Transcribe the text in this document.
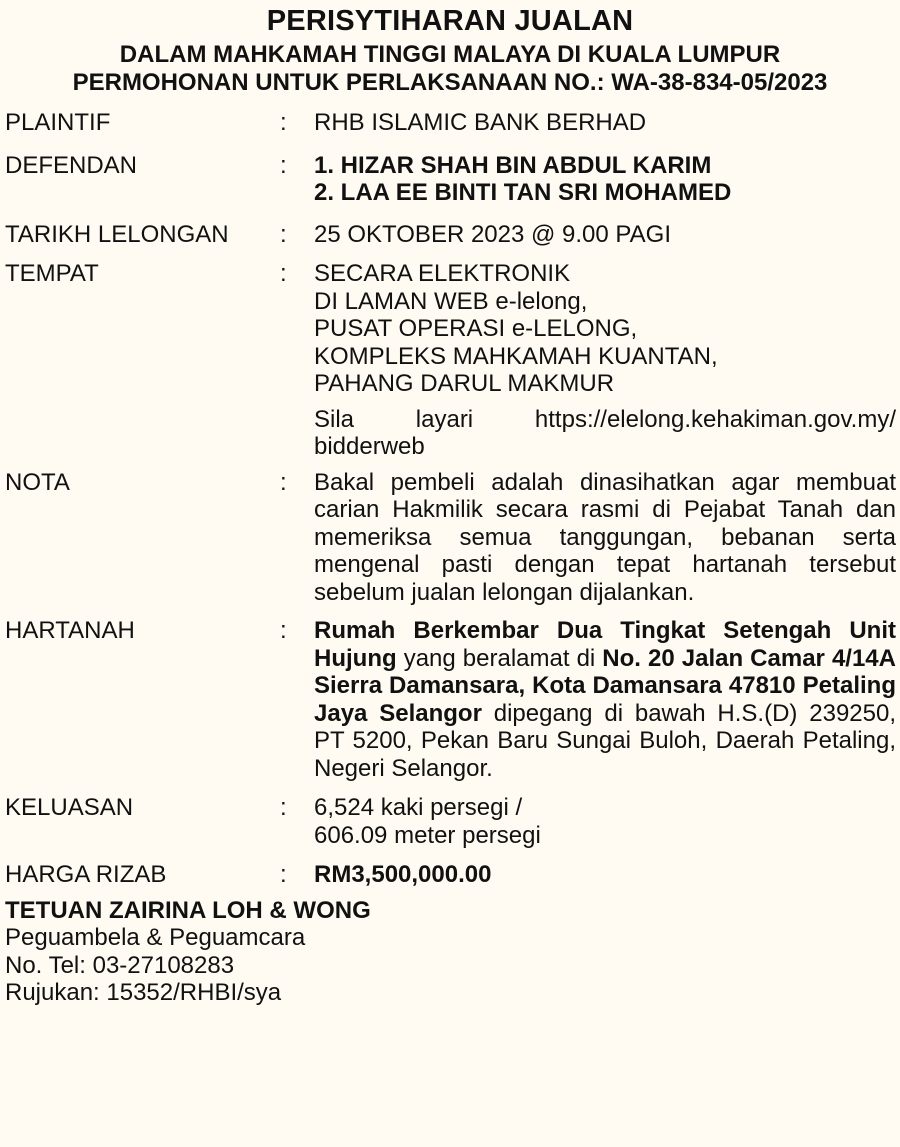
PERISYTIHARAN JUALAN
DALAM MAHKAMAH TINGGI MALAYA DI KUALA LUMPUR
PERMOHONAN UNTUK PERLAKSANAAN NO.: WA-38-834-05/2023
PLAINTIF	:	RHB ISLAMIC BANK BERHAD
DEFENDAN	:	1. HIZAR SHAH BIN ABDUL KARIM
2. LAA EE BINTI TAN SRI MOHAMED
TARIKH LELONGAN	:	25 OKTOBER 2023 @ 9.00 PAGI
TEMPAT	:	SECARA ELEKTRONIK
DI LAMAN WEB e-lelong,
PUSAT OPERASI e-LELONG,
KOMPLEKS MAHKAMAH KUANTAN,
PAHANG DARUL MAKMUR
Sila layari https://elelong.kehakiman.gov.my/ bidderweb
NOTA	:	Bakal pembeli adalah dinasihatkan agar membuat carian Hakmilik secara rasmi di Pejabat Tanah dan memeriksa semua tanggungan, bebanan serta mengenal pasti dengan tepat hartanah tersebut sebelum jualan lelongan dijalankan.
HARTANAH	:	Rumah Berkembar Dua Tingkat Setengah Unit Hujung yang beralamat di No. 20 Jalan Camar 4/14A Sierra Damansara, Kota Damansara 47810 Petaling Jaya Selangor dipegang di bawah H.S.(D) 239250, PT 5200, Pekan Baru Sungai Buloh, Daerah Petaling, Negeri Selangor.
KELUASAN	:	6,524 kaki persegi /
606.09 meter persegi
HARGA RIZAB	:	RM3,500,000.00
TETUAN ZAIRINA LOH & WONG
Peguambela & Peguamcara
No. Tel: 03-27108283
Rujukan: 15352/RHBI/sya
